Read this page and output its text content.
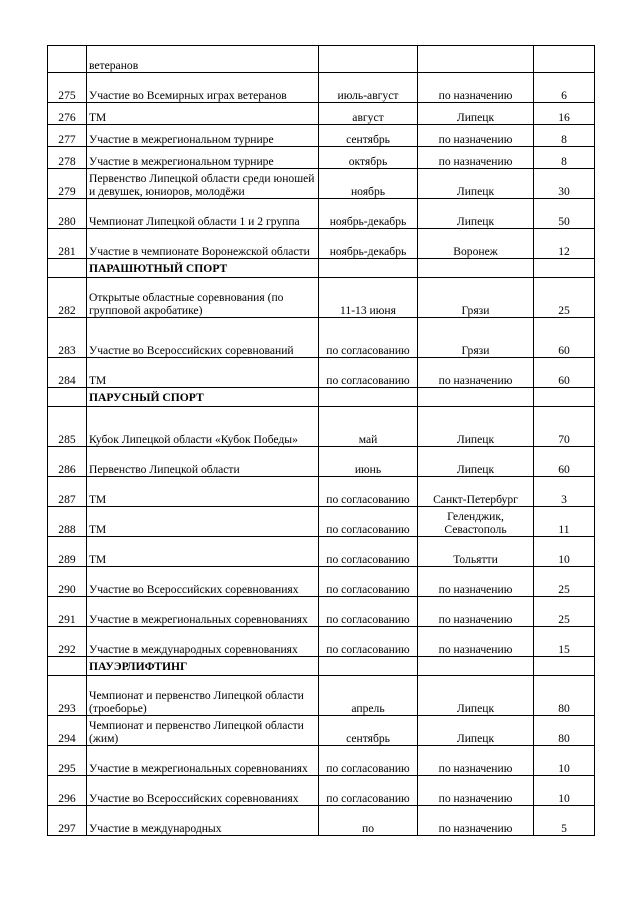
	ветеранов			
275	Участие во Всемирных играх ветеранов	июль-август	по назначению	6
276	ТМ	август	Липецк	16
277	Участие в межрегиональном турнире	сентябрь	по назначению	8
278	Участие в межрегиональном турнире	октябрь	по назначению	8
279	Первенство Липецкой области среди юношей и девушек, юниоров, молодёжи	ноябрь	Липецк	30
280	Чемпионат Липецкой области 1 и 2 группа	ноябрь-декабрь	Липецк	50
281	Участие в чемпионате Воронежской области	ноябрь-декабрь	Воронеж	12
	ПАРАШЮТНЫЙ СПОРТ			
282	Открытые областные соревнования (по групповой акробатике)	11-13 июня	Грязи	25
283	Участие во Всероссийских соревнований	по согласованию	Грязи	60
284	ТМ	по согласованию	по назначению	60
	ПАРУСНЫЙ СПОРТ			
285	Кубок Липецкой области «Кубок Победы»	май	Липецк	70
286	Первенство Липецкой области	июнь	Липецк	60
287	ТМ	по согласованию	Санкт-Петербург	3
288	ТМ	по согласованию	Геленджик, Севастополь	11
289	ТМ	по согласованию	Тольятти	10
290	Участие во Всероссийских соревнованиях	по согласованию	по назначению	25
291	Участие в межрегиональных соревнованиях	по согласованию	по назначению	25
292	Участие в международных соревнованиях	по согласованию	по назначению	15
	ПАУЭРЛИФТИНГ			
293	Чемпионат и первенство Липецкой области (троеборье)	апрель	Липецк	80
294	Чемпионат и первенство Липецкой области (жим)	сентябрь	Липецк	80
295	Участие в межрегиональных соревнованиях	по согласованию	по назначению	10
296	Участие во Всероссийских соревнованиях	по согласованию	по назначению	10
297	Участие в международных	по	по назначению	5
